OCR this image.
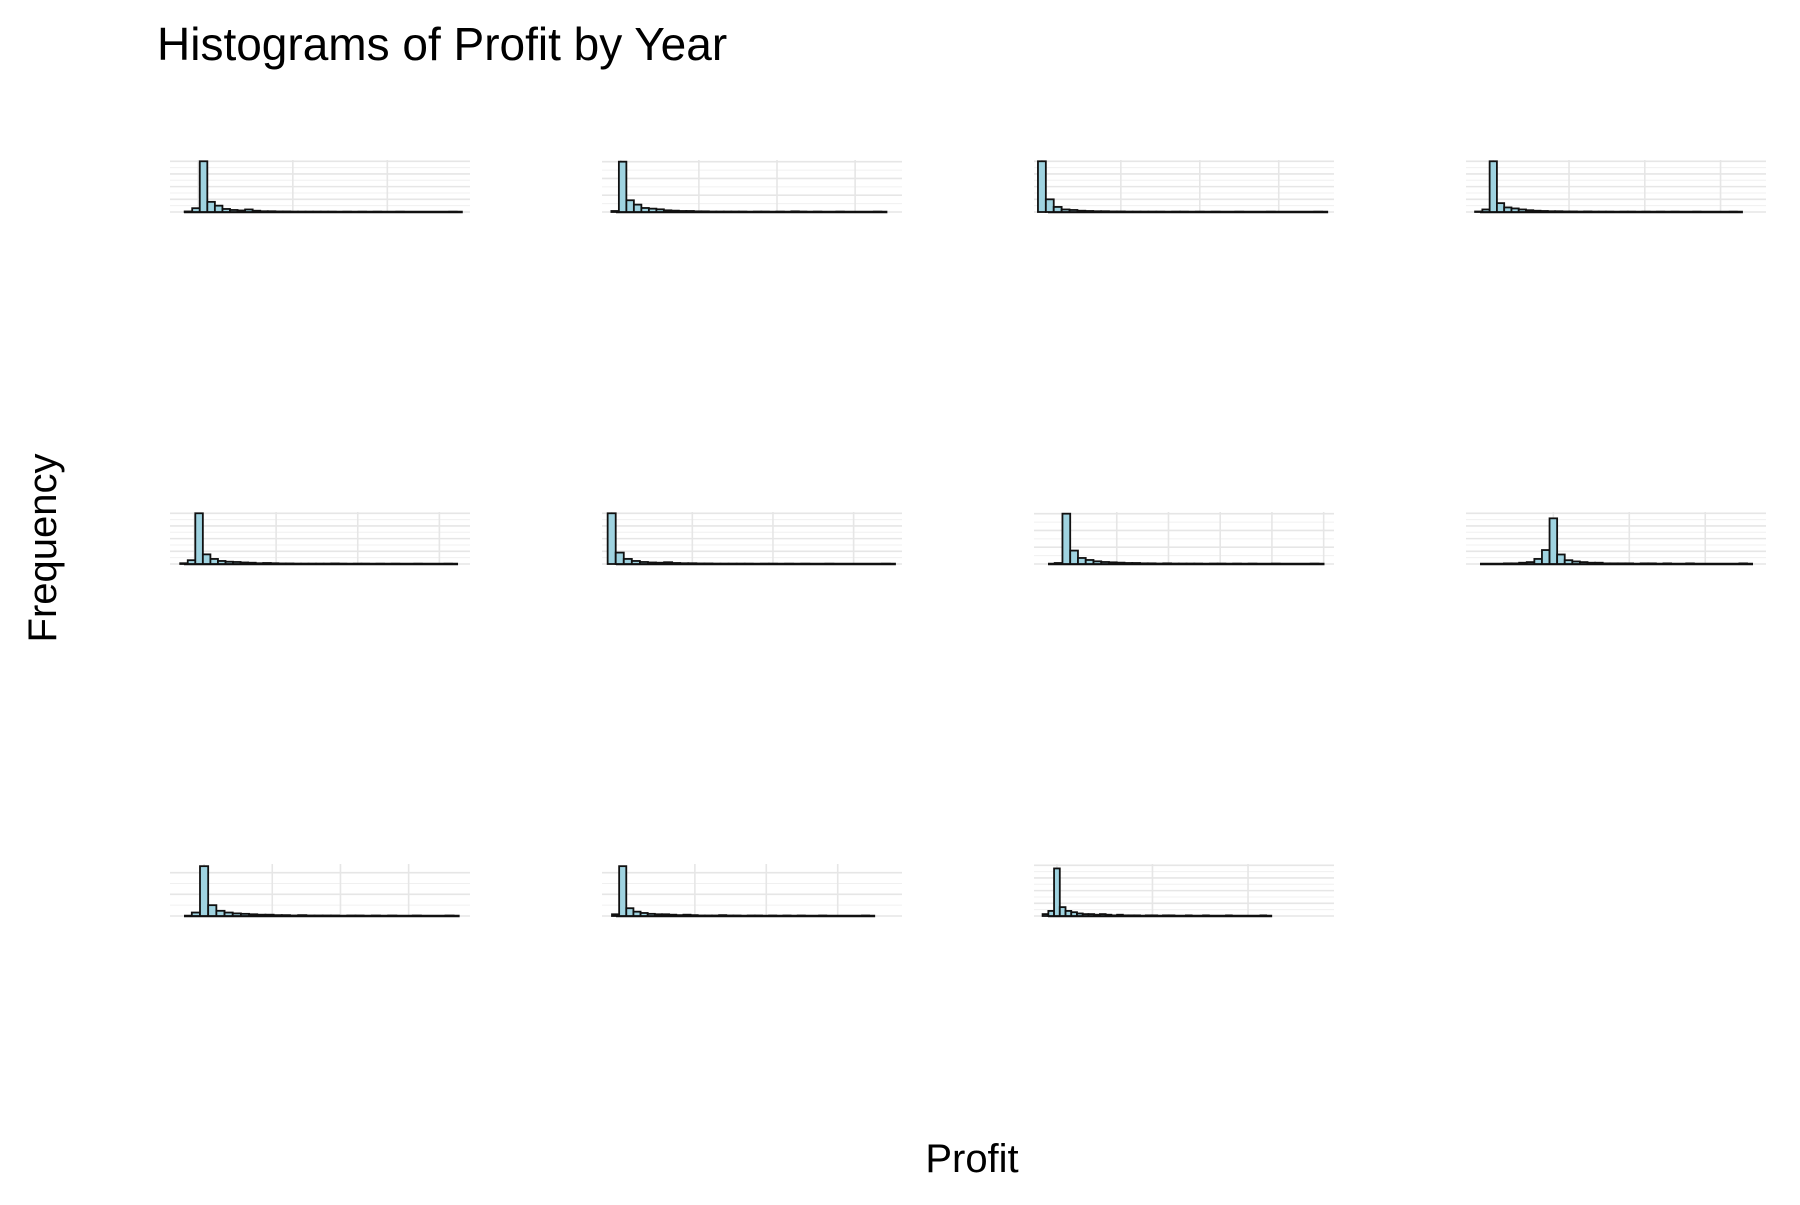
Histograms of Profit by Year
Profit
Frequency
